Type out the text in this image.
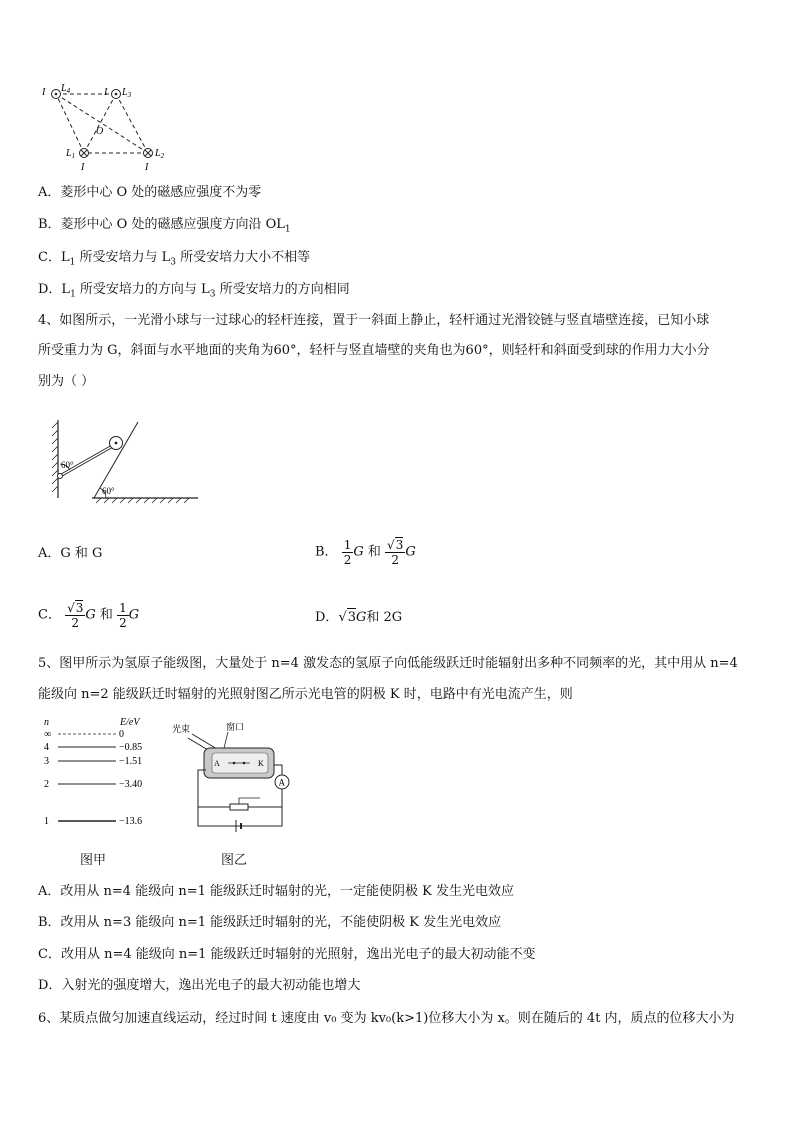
I $L_4$	I $L_3$
O
$L_1$	$L_2$
I	I
A．菱形中心 O 处的磁感应强度不为零
B．菱形中心 O 处的磁感应强度方向沿 $OL_1$
C．$L_1$ 所受安培力与 $L_3$ 所受安培力大小不相等
D．$L_1$ 所受安培力的方向与 $L_3$ 所受安培力的方向相同
4、如图所示，一光滑小球与一过球心的轻杆连接，置于一斜面上静止，轻杆通过光滑铰链与竖直墙壁连接，已知小球
所受重力为 G，斜面与水平地面的夹角为60°，轻杆与竖直墙壁的夹角也为60°，则轻杆和斜面受到球的作用力大小分
别为（ ）
60°
60°
A．G 和 G	B． $\frac{1}{2}$ G 和 $\frac{√3}{2}$ G
C． $\frac{√3}{2}$ G 和 $\frac{1}{2}$ G	D．√3G和 2G
5、图甲所示为氢原子能级图，大量处于 n=4 激发态的氢原子向低能级跃迁时能辐射出多种不同频率的光，其中用从 n=4
能级向 n=2 能级跃迁时辐射的光照射图乙所示光电管的阴极 K 时，电路中有光电流产生，则
n	E/eV
∞	0
4	−0.85
3	−1.51
2	−3.40
1	−13.6
光束	窗口
A	K
A
图甲	图乙
A．改用从 n=4 能级向 n=1 能级跃迁时辐射的光，一定能使阴极 K 发生光电效应
B．改用从 n=3 能级向 n=1 能级跃迁时辐射的光，不能使阴极 K 发生光电效应
C．改用从 n=4 能级向 n=1 能级跃迁时辐射的光照射，逸出光电子的最大初动能不变
D．入射光的强度增大，逸出光电子的最大初动能也增大
6、某质点做匀加速直线运动，经过时间 t 速度由 v₀ 变为 kv₀(k>1)位移大小为 x。则在随后的 4t 内，质点的位移大小为
